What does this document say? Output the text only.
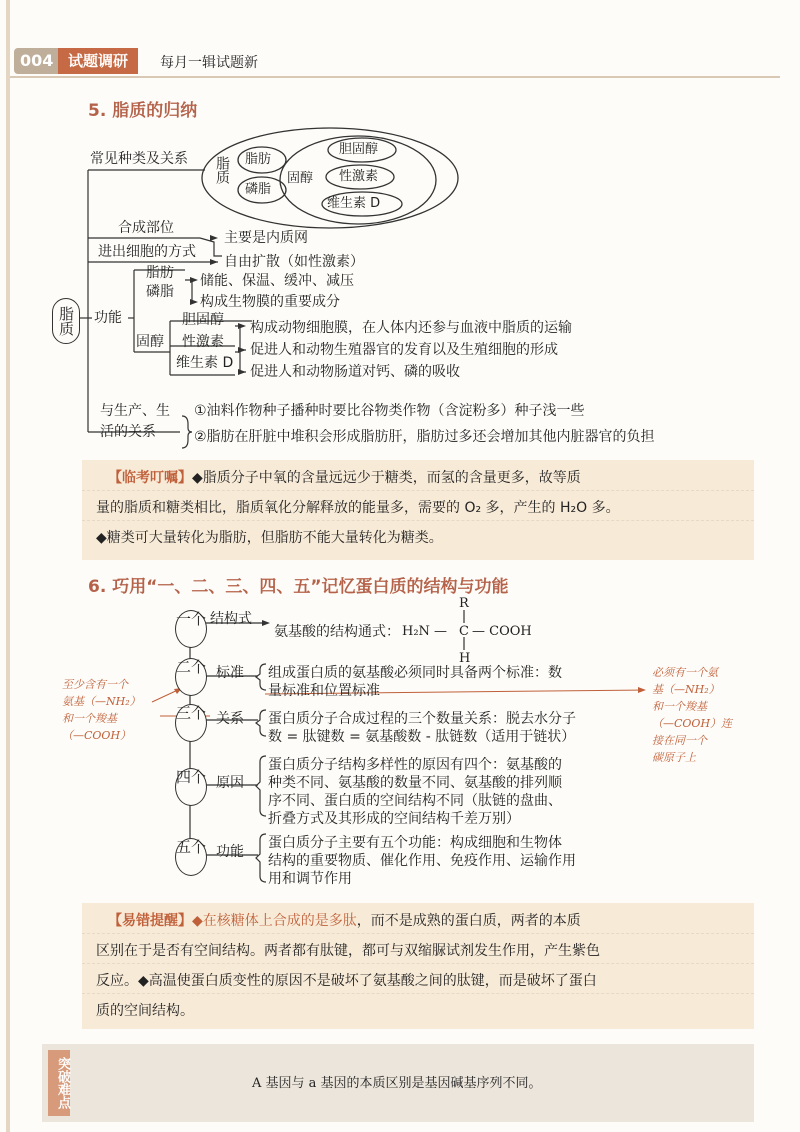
004 试题调研	每月一辑试题新
5. 脂质的归纳
脂质
常见种类及关系 脂质 脂肪
磷脂
固醇
胆固醇
性激素
维生素 D
合成部位
进出细胞的方式
主要是内质网
自由扩散（如性激素）
功能
脂肪
磷脂
储能、保温、缓冲、减压
构成生物膜的重要成分
固醇
胆固醇
性激素
维生素 D
构成动物细胞膜，在人体内还参与血液中脂质的运输
促进人和动物生殖器官的发育以及生殖细胞的形成
促进人和动物肠道对钙、磷的吸收
与生产、生
活的关系
①油料作物种子播种时要比谷物类作物（含淀粉多）种子浅一些
②脂肪在肝脏中堆积会形成脂肪肝，脂肪过多还会增加其他内脏器官的负担

【临考叮嘱】◆脂质分子中氧的含量远远少于糖类，而氢的含量更多，故等质

量的脂质和糖类相比，脂质氧化分解释放的能量多，需要的 O₂ 多，产生的 H₂O 多。

◆糖类可大量转化为脂肪，但脂肪不能大量转化为糖类。

6. 巧用“一、二、三、四、五”记忆蛋白质的结构与功能
一个
二个
三个
四个
五个
结构式
标准
关系
原因
功能
氨基酸的结构通式：
R
H₂N — C — COOH
H
组成蛋白质的氨基酸必须同时具备两个标准：数
量标准和位置标准
蛋白质分子合成过程的三个数量关系：脱去水分子
数 = 肽键数 = 氨基酸数 - 肽链数（适用于链状）
蛋白质分子结构多样性的原因有四个：氨基酸的
种类不同、氨基酸的数量不同、氨基酸的排列顺
序不同、蛋白质的空间结构不同（肽链的盘曲、
折叠方式及其形成的空间结构千差万别）
蛋白质分子主要有五个功能：构成细胞和生物体
结构的重要物质、催化作用、免疫作用、运输作用
用和调节作用
至少含有一个
氨基（—NH₂）
和一个羧基
（—COOH）
必须有一个氨
基（—NH₂）
和一个羧基
（—COOH）连
接在同一个
碳原子上

【易错提醒】◆在核糖体上合成的是多肽，而不是成熟的蛋白质，两者的本质

区别在于是否有空间结构。两者都有肽键，都可与双缩脲试剂发生作用，产生紫色

反应。◆高温使蛋白质变性的原因不是破坏了氨基酸之间的肽键，而是破坏了蛋白

质的空间结构。

突破难点	A 基因与 a 基因的本质区别是基因碱基序列不同。
